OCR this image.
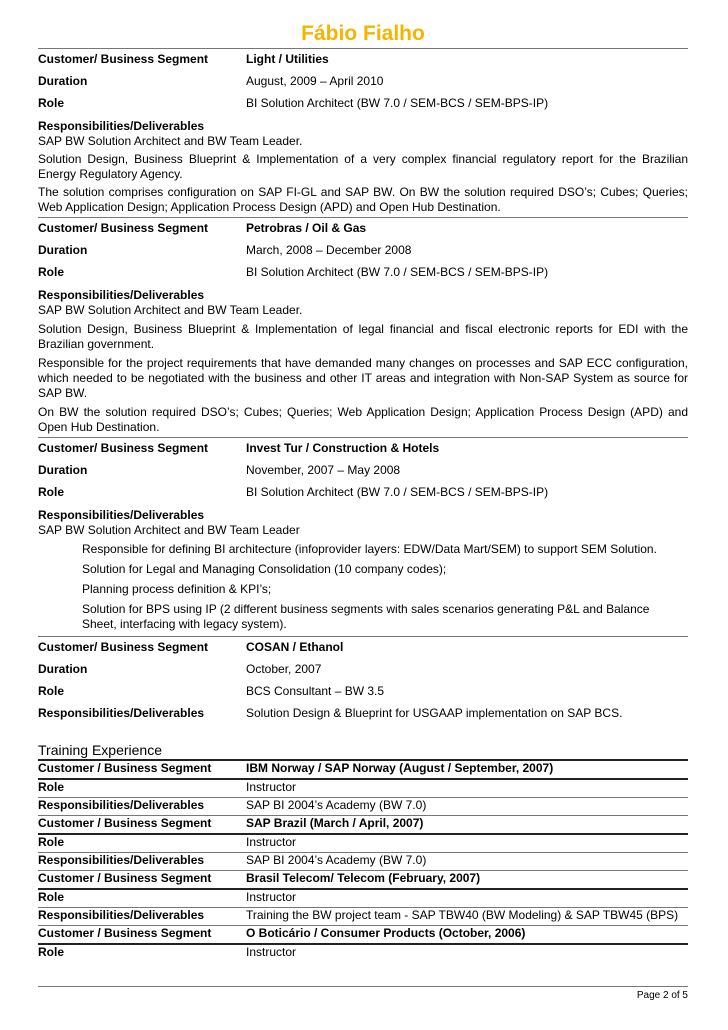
Fábio Fialho
Customer/ Business Segment	Light / Utilities
Duration	August, 2009 – April 2010
Role	BI Solution Architect (BW 7.0 / SEM-BCS / SEM-BPS-IP)
Responsibilities/Deliverables
SAP BW Solution Architect and BW Team Leader.
Solution Design, Business Blueprint & Implementation of a very complex financial regulatory report for the Brazilian Energy Regulatory Agency.
The solution comprises configuration on SAP FI-GL and SAP BW. On BW the solution required DSO’s; Cubes; Queries; Web Application Design; Application Process Design (APD) and Open Hub Destination.
Customer/ Business Segment	Petrobras / Oil & Gas
Duration	March, 2008 – December 2008
Role	BI Solution Architect (BW 7.0 / SEM-BCS / SEM-BPS-IP)
Responsibilities/Deliverables
SAP BW Solution Architect and BW Team Leader.
Solution Design, Business Blueprint & Implementation of legal financial and fiscal electronic reports for EDI with the Brazilian government.
Responsible for the project requirements that have demanded many changes on processes and SAP ECC configuration, which needed to be negotiated with the business and other IT areas and integration with Non-SAP System as source for SAP BW.
On BW the solution required DSO’s; Cubes; Queries; Web Application Design; Application Process Design (APD) and Open Hub Destination.
Customer/ Business Segment	Invest Tur / Construction & Hotels
Duration	November, 2007 – May 2008
Role	BI Solution Architect (BW 7.0 / SEM-BCS / SEM-BPS-IP)
Responsibilities/Deliverables
SAP BW Solution Architect and BW Team Leader
Responsible for defining BI architecture (infoprovider layers: EDW/Data Mart/SEM) to support SEM Solution.
Solution for Legal and Managing Consolidation (10 company codes);
Planning process definition & KPI’s;
Solution for BPS using IP (2 different business segments with sales scenarios generating P&L and Balance Sheet, interfacing with legacy system).
Customer/ Business Segment	COSAN / Ethanol
Duration	October, 2007
Role	BCS Consultant – BW 3.5
Responsibilities/Deliverables	Solution Design & Blueprint for USGAAP implementation on SAP BCS.
Training Experience
Customer / Business Segment	IBM Norway / SAP Norway (August / September, 2007)
Role	Instructor
Responsibilities/Deliverables	SAP BI 2004’s Academy (BW 7.0)
Customer / Business Segment	SAP Brazil (March / April, 2007)
Role	Instructor
Responsibilities/Deliverables	SAP BI 2004’s Academy (BW 7.0)
Customer / Business Segment	Brasil Telecom/ Telecom (February, 2007)
Role	Instructor
Responsibilities/Deliverables	Training the BW project team - SAP TBW40 (BW Modeling) & SAP TBW45 (BPS)
Customer / Business Segment	O Boticário / Consumer Products (October, 2006)
Role	Instructor
Page 2 of 5
